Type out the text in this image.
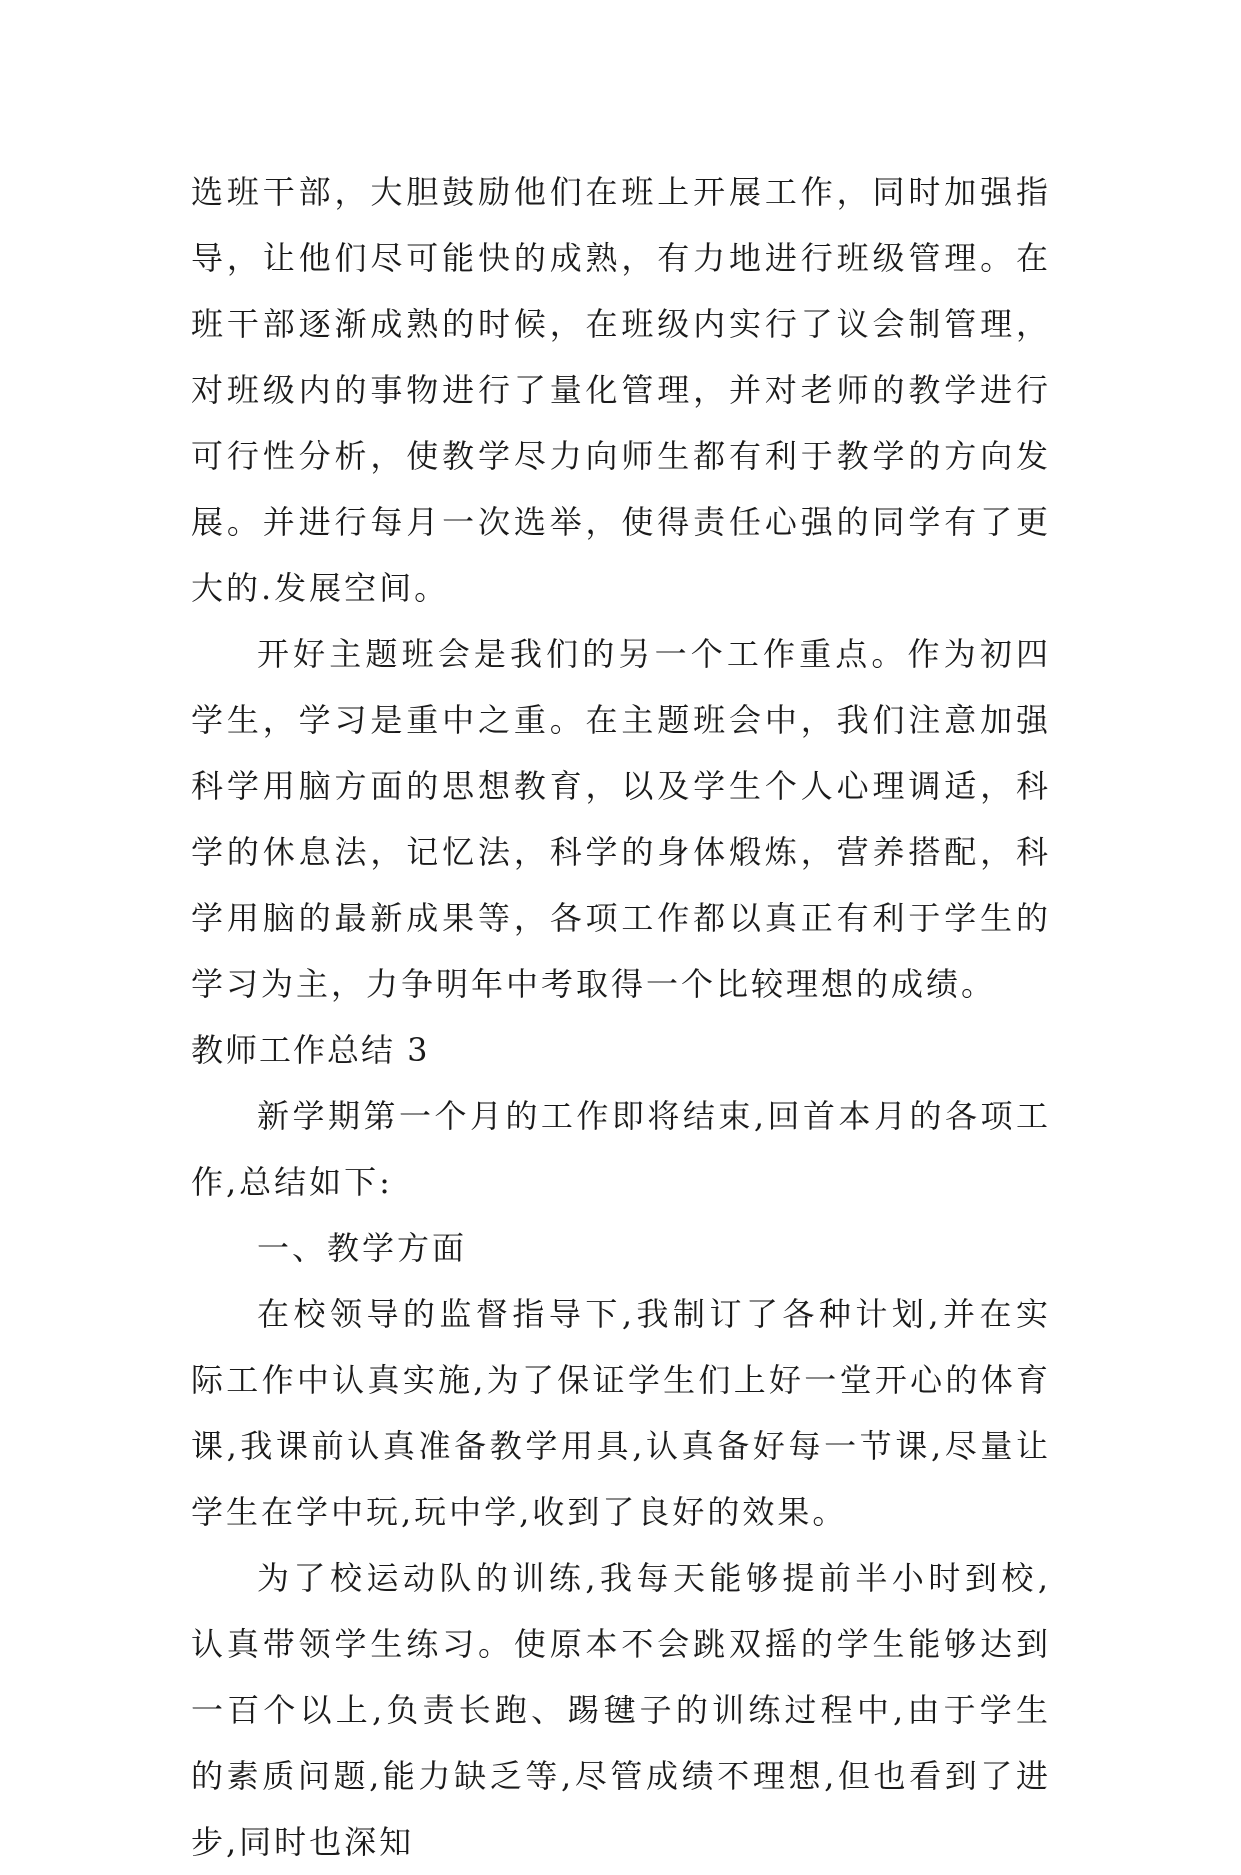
选班干部，大胆鼓励他们在班上开展工作，同时加强指导，让他们尽可能快的成熟，有力地进行班级管理。在班干部逐渐成熟的时候，在班级内实行了议会制管理，对班级内的事物进行了量化管理，并对老师的教学进行可行性分析，使教学尽力向师生都有利于教学的方向发展。并进行每月一次选举，使得责任心强的同学有了更大的.发展空间。

开好主题班会是我们的另一个工作重点。作为初四学生，学习是重中之重。在主题班会中，我们注意加强科学用脑方面的思想教育，以及学生个人心理调适，科学的休息法，记忆法，科学的身体煅炼，营养搭配，科学用脑的最新成果等，各项工作都以真正有利于学生的学习为主，力争明年中考取得一个比较理想的成绩。

教师工作总结 3

新学期第一个月的工作即将结束,回首本月的各项工作,总结如下:

一、教学方面

在校领导的监督指导下,我制订了各种计划,并在实际工作中认真实施,为了保证学生们上好一堂开心的体育课,我课前认真准备教学用具,认真备好每一节课,尽量让学生在学中玩,玩中学,收到了良好的效果。

为了校运动队的训练,我每天能够提前半小时到校,认真带领学生练习。使原本不会跳双摇的学生能够达到一百个以上,负责长跑、踢毽子的训练过程中,由于学生的素质问题,能力缺乏等,尽管成绩不理想,但也看到了进步,同时也深知
